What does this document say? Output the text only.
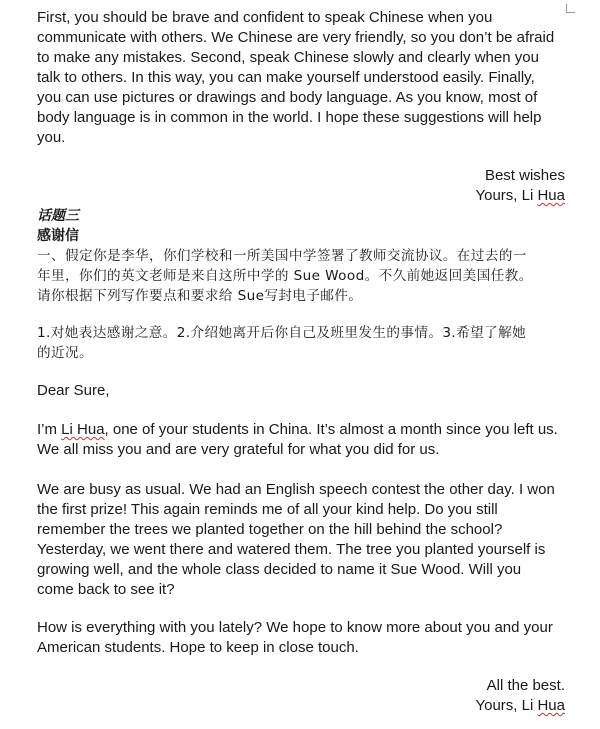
First, you should be brave and confident to speak Chinese when you
communicate with others. We Chinese are very friendly, so you don’t be afraid
to make any mistakes. Second, speak Chinese slowly and clearly when you
talk to others. In this way, you can make yourself understood easily. Finally,
you can use pictures or drawings and body language. As you know, most of
body language is in common in the world. I hope these suggestions will help
you.
Best wishes
Yours, Li Hua
话题三
感谢信
一、假定你是李华，你们学校和一所美国中学签署了教师交流协议。在过去的一
年里，你们的英文老师是来自这所中学的 Sue Wood。不久前她返回美国任教。
请你根据下列写作要点和要求给 Sue写封电子邮件。
1.对她表达感谢之意。2.介绍她离开后你自己及班里发生的事情。3.希望了解她
的近况。
Dear Sure,
I’m Li Hua, one of your students in China. It’s almost a month since you left us.
We all miss you and are very grateful for what you did for us.
We are busy as usual. We had an English speech contest the other day. I won
the first prize! This again reminds me of all your kind help. Do you still
remember the trees we planted together on the hill behind the school?
Yesterday, we went there and watered them. The tree you planted yourself is
growing well, and the whole class decided to name it Sue Wood. Will you
come back to see it?
How is everything with you lately? We hope to know more about you and your
American students. Hope to keep in close touch.
All the best.
Yours, Li Hua
